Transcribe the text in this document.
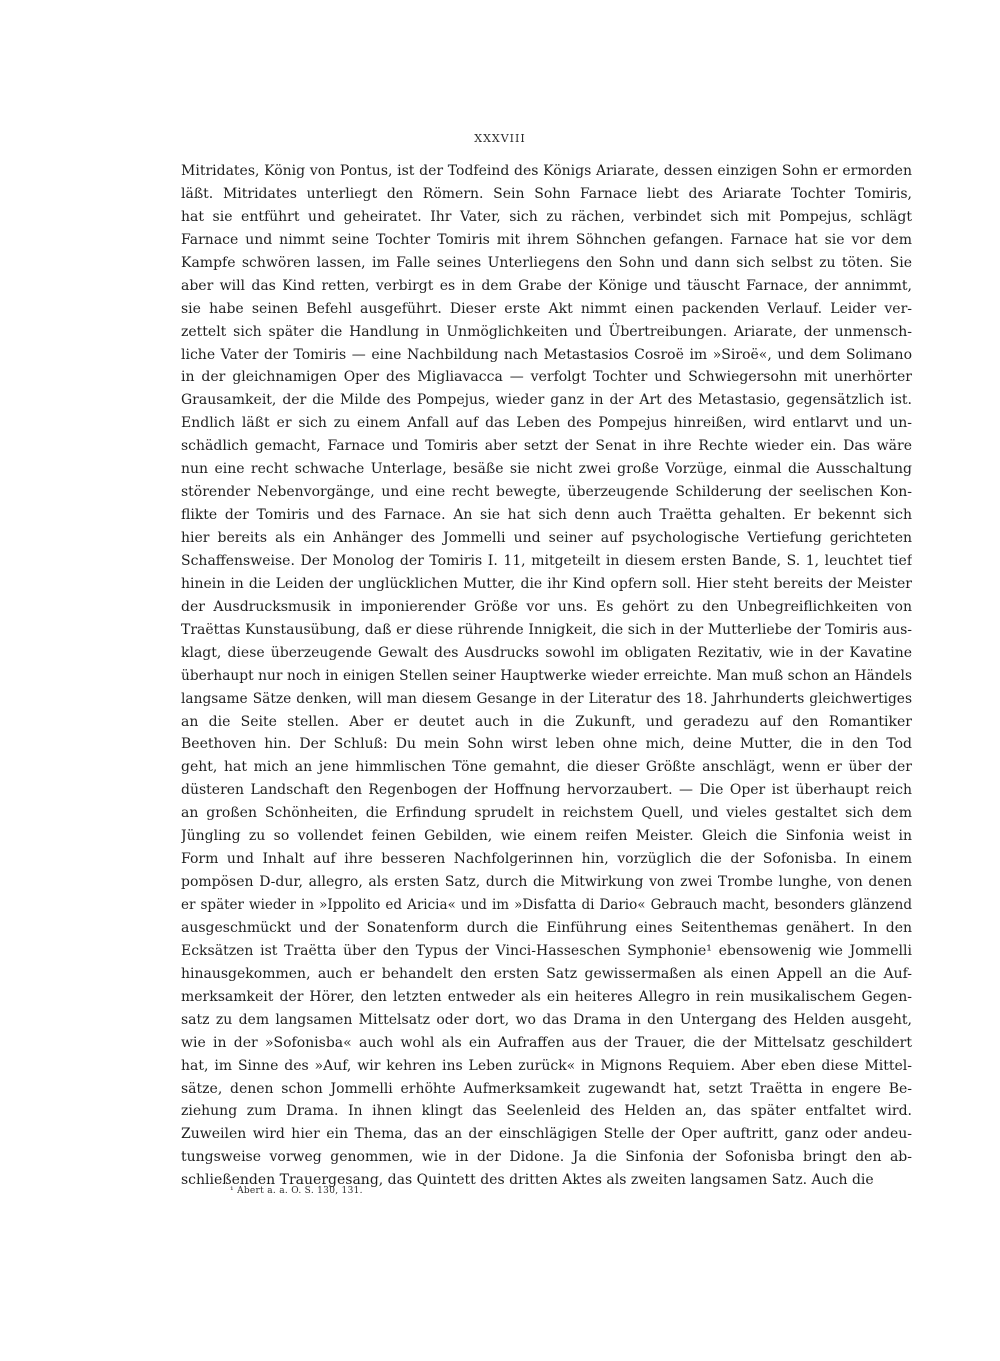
XXXVIII
Mitridates, König von Pontus, ist der Todfeind des Königs Ariarate, dessen einzigen Sohn er ermorden
läßt. Mitridates unterliegt den Römern. Sein Sohn Farnace liebt des Ariarate Tochter Tomiris,
hat sie entführt und geheiratet. Ihr Vater, sich zu rächen, verbindet sich mit Pompejus, schlägt
Farnace und nimmt seine Tochter Tomiris mit ihrem Söhnchen gefangen. Farnace hat sie vor dem
Kampfe schwören lassen, im Falle seines Unterliegens den Sohn und dann sich selbst zu töten. Sie
aber will das Kind retten, verbirgt es in dem Grabe der Könige und täuscht Farnace, der annimmt,
sie habe seinen Befehl ausgeführt. Dieser erste Akt nimmt einen packenden Verlauf. Leider ver-
zettelt sich später die Handlung in Unmöglichkeiten und Übertreibungen. Ariarate, der unmensch-
liche Vater der Tomiris — eine Nachbildung nach Metastasios Cosroë im »Siroë«, und dem Solimano
in der gleichnamigen Oper des Migliavacca — verfolgt Tochter und Schwiegersohn mit unerhörter
Grausamkeit, der die Milde des Pompejus, wieder ganz in der Art des Metastasio, gegensätzlich ist.
Endlich läßt er sich zu einem Anfall auf das Leben des Pompejus hinreißen, wird entlarvt und un-
schädlich gemacht, Farnace und Tomiris aber setzt der Senat in ihre Rechte wieder ein. Das wäre
nun eine recht schwache Unterlage, besäße sie nicht zwei große Vorzüge, einmal die Ausschaltung
störender Nebenvorgänge, und eine recht bewegte, überzeugende Schilderung der seelischen Kon-
flikte der Tomiris und des Farnace. An sie hat sich denn auch Traëtta gehalten. Er bekennt sich
hier bereits als ein Anhänger des Jommelli und seiner auf psychologische Vertiefung gerichteten
Schaffensweise. Der Monolog der Tomiris I. 11, mitgeteilt in diesem ersten Bande, S. 1, leuchtet tief
hinein in die Leiden der unglücklichen Mutter, die ihr Kind opfern soll. Hier steht bereits der Meister
der Ausdrucksmusik in imponierender Größe vor uns. Es gehört zu den Unbegreiflichkeiten von
Traëttas Kunstausübung, daß er diese rührende Innigkeit, die sich in der Mutterliebe der Tomiris aus-
klagt, diese überzeugende Gewalt des Ausdrucks sowohl im obligaten Rezitativ, wie in der Kavatine
überhaupt nur noch in einigen Stellen seiner Hauptwerke wieder erreichte. Man muß schon an Händels
langsame Sätze denken, will man diesem Gesange in der Literatur des 18. Jahrhunderts gleichwertiges
an die Seite stellen. Aber er deutet auch in die Zukunft, und geradezu auf den Romantiker
Beethoven hin. Der Schluß: Du mein Sohn wirst leben ohne mich, deine Mutter, die in den Tod
geht, hat mich an jene himmlischen Töne gemahnt, die dieser Größte anschlägt, wenn er über der
düsteren Landschaft den Regenbogen der Hoffnung hervorzaubert. — Die Oper ist überhaupt reich
an großen Schönheiten, die Erfindung sprudelt in reichstem Quell, und vieles gestaltet sich dem
Jüngling zu so vollendet feinen Gebilden, wie einem reifen Meister. Gleich die Sinfonia weist in
Form und Inhalt auf ihre besseren Nachfolgerinnen hin, vorzüglich die der Sofonisba. In einem
pompösen D-dur, allegro, als ersten Satz, durch die Mitwirkung von zwei Trombe lunghe, von denen
er später wieder in »Ippolito ed Aricia« und im »Disfatta di Dario« Gebrauch macht, besonders glänzend
ausgeschmückt und der Sonatenform durch die Einführung eines Seitenthemas genähert. In den
Ecksätzen ist Traëtta über den Typus der Vinci-Hasseschen Symphonie¹ ebensowenig wie Jommelli
hinausgekommen, auch er behandelt den ersten Satz gewissermaßen als einen Appell an die Auf-
merksamkeit der Hörer, den letzten entweder als ein heiteres Allegro in rein musikalischem Gegen-
satz zu dem langsamen Mittelsatz oder dort, wo das Drama in den Untergang des Helden ausgeht,
wie in der »Sofonisba« auch wohl als ein Aufraffen aus der Trauer, die der Mittelsatz geschildert
hat, im Sinne des »Auf, wir kehren ins Leben zurück« in Mignons Requiem. Aber eben diese Mittel-
sätze, denen schon Jommelli erhöhte Aufmerksamkeit zugewandt hat, setzt Traëtta in engere Be-
ziehung zum Drama. In ihnen klingt das Seelenleid des Helden an, das später entfaltet wird.
Zuweilen wird hier ein Thema, das an der einschlägigen Stelle der Oper auftritt, ganz oder andeu-
tungsweise vorweg genommen, wie in der Didone. Ja die Sinfonia der Sofonisba bringt den ab-
schließenden Trauergesang, das Quintett des dritten Aktes als zweiten langsamen Satz. Auch die
¹ Abert a. a. O. S. 130, 131.
